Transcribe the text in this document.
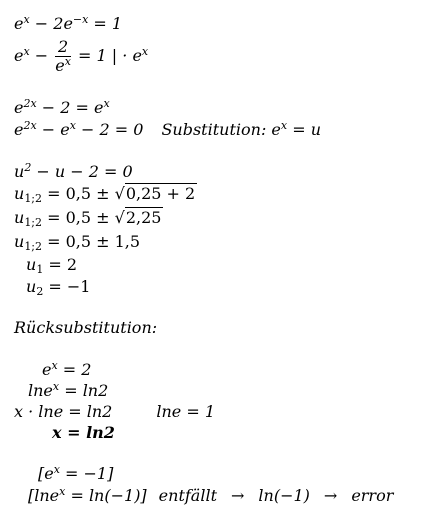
$e^x - 2e^{-x} = 1$
$e^x - \frac{2}{e^x} = 1$ | · $e^x$
$e^{2x} - 2 = e^x$
$e^{2x} - e^x - 2 = 0$ Substitution: $e^x = u$
$u^2 - u - 2 = 0$
$u_{1;2} = 0,5 \pm √0,25 + 2$
$u_{1;2} = 0,5 \pm √2,25$
$u_{1;2} = 0,5 \pm 1,5$
$u_1 = 2$
$u_2 = -1$
Rücksubstitution:
$e^x = 2$
lne$^x$ = ln2
x · lne = ln2	lne = 1
x = ln2
$[e^x = -1]$
[lne$^x$ = ln(−1)] entfällt → ln(−1) → error
